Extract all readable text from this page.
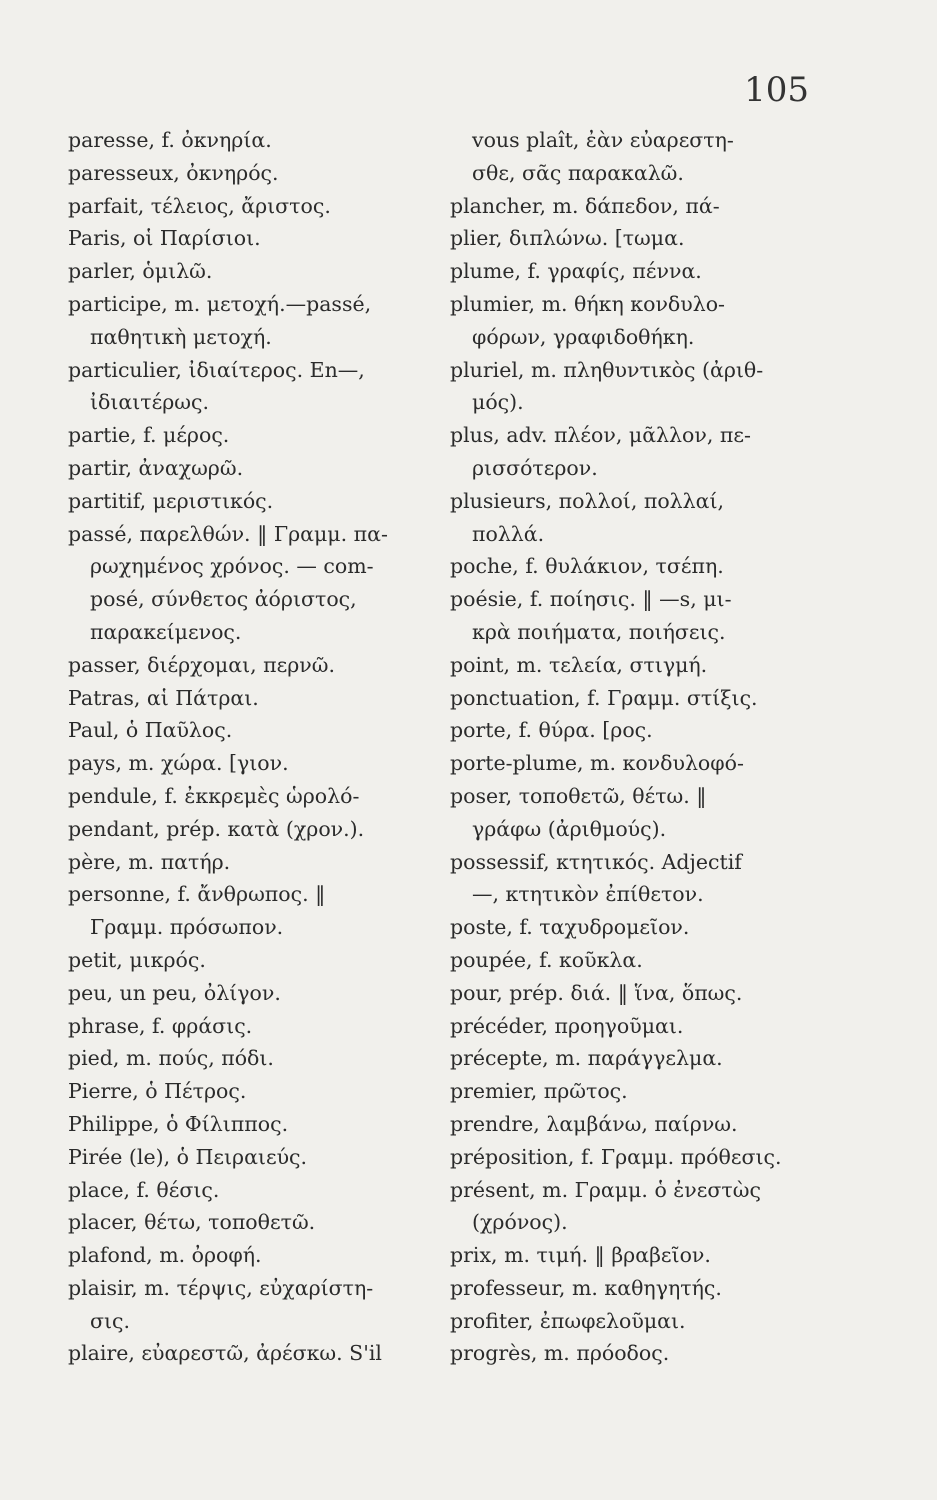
105
paresse, f. ὀκνηρία.
paresseux, ὀκνηρός.
parfait, τέλειος, ἄριστος.
Paris, οἱ Παρίσιοι.
parler, ὁμιλῶ.
participe, m. μετοχή.—passé,
παθητικὴ μετοχή.
particulier, ἰδιαίτερος. En—,
ἰδιαιτέρως.
partie, f. μέρος.
partir, ἀναχωρῶ.
partitif, μεριστικός.
passé, παρελθών. ‖ Γραμμ. πα-
ρωχημένος χρόνος. — com-
posé, σύνθετος ἀόριστος,
παρακείμενος.
passer, διέρχομαι, περνῶ.
Patras, αἱ Πάτραι.
Paul, ὁ Παῦλος.
pays, m. χώρα. [γιον.
pendule, f. ἐκκρεμὲς ὡρολό-
pendant, prép. κατὰ (χρον.).
père, m. πατήρ.
personne, f. ἄνθρωπος. ‖
Γραμμ. πρόσωπον.
petit, μικρός.
peu, un peu, ὀλίγον.
phrase, f. φράσις.
pied, m. πούς, πόδι.
Pierre, ὁ Πέτρος.
Philippe, ὁ Φίλιππος.
Pirée (le), ὁ Πειραιεύς.
place, f. θέσις.
placer, θέτω, τοποθετῶ.
plafond, m. ὀροφή.
plaisir, m. τέρψις, εὐχαρίστη-
σις.
plaire, εὐαρεστῶ, ἀρέσκω. S'il
vous plaît, ἐὰν εὐαρεστη-
σθε, σᾶς παρακαλῶ.
plancher, m. δάπεδον, πά-
plier, διπλώνω. [τωμα.
plume, f. γραφίς, πέννα.
plumier, m. θήκη κονδυλο-
φόρων, γραφιδοθήκη.
pluriel, m. πληθυντικὸς (ἀριθ-
μός).
plus, adv. πλέον, μᾶλλον, πε-
ρισσότερον.
plusieurs, πολλοί, πολλαί,
πολλά.
poche, f. θυλάκιον, τσέπη.
poésie, f. ποίησις. ‖ —s, μι-
κρὰ ποιήματα, ποιήσεις.
point, m. τελεία, στιγμή.
ponctuation, f. Γραμμ. στίξις.
porte, f. θύρα. [ρος.
porte-plume, m. κονδυλοφό-
poser, τοποθετῶ, θέτω. ‖
γράφω (ἀριθμούς).
possessif, κτητικός. Adjectif
—, κτητικὸν ἐπίθετον.
poste, f. ταχυδρομεῖον.
poupée, f. κοῦκλα.
pour, prép. διά. ‖ ἵνα, ὅπως.
précéder, προηγοῦμαι.
précepte, m. παράγγελμα.
premier, πρῶτος.
prendre, λαμβάνω, παίρνω.
préposition, f. Γραμμ. πρόθεσις.
présent, m. Γραμμ. ὁ ἐνεστὼς
(χρόνος).
prix, m. τιμή. ‖ βραβεῖον.
professeur, m. καθηγητής.
profiter, ἐπωφελοῦμαι.
progrès, m. πρόοδος.
